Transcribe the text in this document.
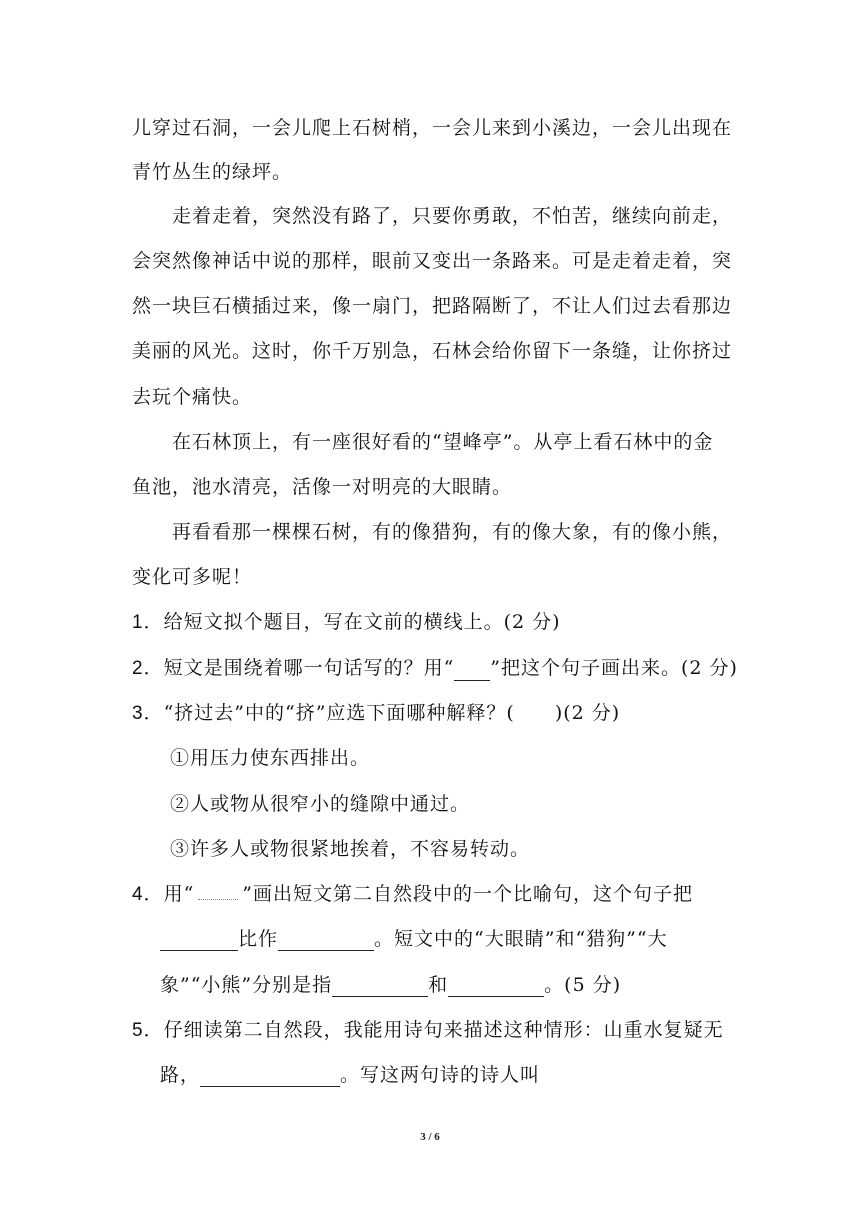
儿穿过石洞，一会儿爬上石树梢，一会儿来到小溪边，一会儿出现在
青竹丛生的绿坪。
走着走着，突然没有路了，只要你勇敢，不怕苦，继续向前走，
会突然像神话中说的那样，眼前又变出一条路来。可是走着走着，突
然一块巨石横插过来，像一扇门，把路隔断了，不让人们过去看那边
美丽的风光。这时，你千万别急，石林会给你留下一条缝，让你挤过
去玩个痛快。
在石林顶上，有一座很好看的“望峰亭”。从亭上看石林中的金
鱼池，池水清亮，活像一对明亮的大眼睛。
再看看那一棵棵石树，有的像猎狗，有的像大象，有的像小熊，
变化可多呢！
1．给短文拟个题目，写在文前的横线上。(2 分)
2．短文是围绕着哪一句话写的？用“ ”把这个句子画出来。(2 分)
3．“挤过去”中的“挤”应选下面哪种解释？(　　)(2 分)
①用压力使东西排出。
②人或物从很窄小的缝隙中通过。
③许多人或物很紧地挨着，不容易转动。
4．用“	”画出短文第二自然段中的一个比喻句，这个句子把
比作	。短文中的“大眼睛”和“猎狗”“大
象”“小熊”分别是指	和	。(5 分)
5．仔细读第二自然段，我能用诗句来描述这种情形：山重水复疑无
路，	。写这两句诗的诗人叫
3 / 6
